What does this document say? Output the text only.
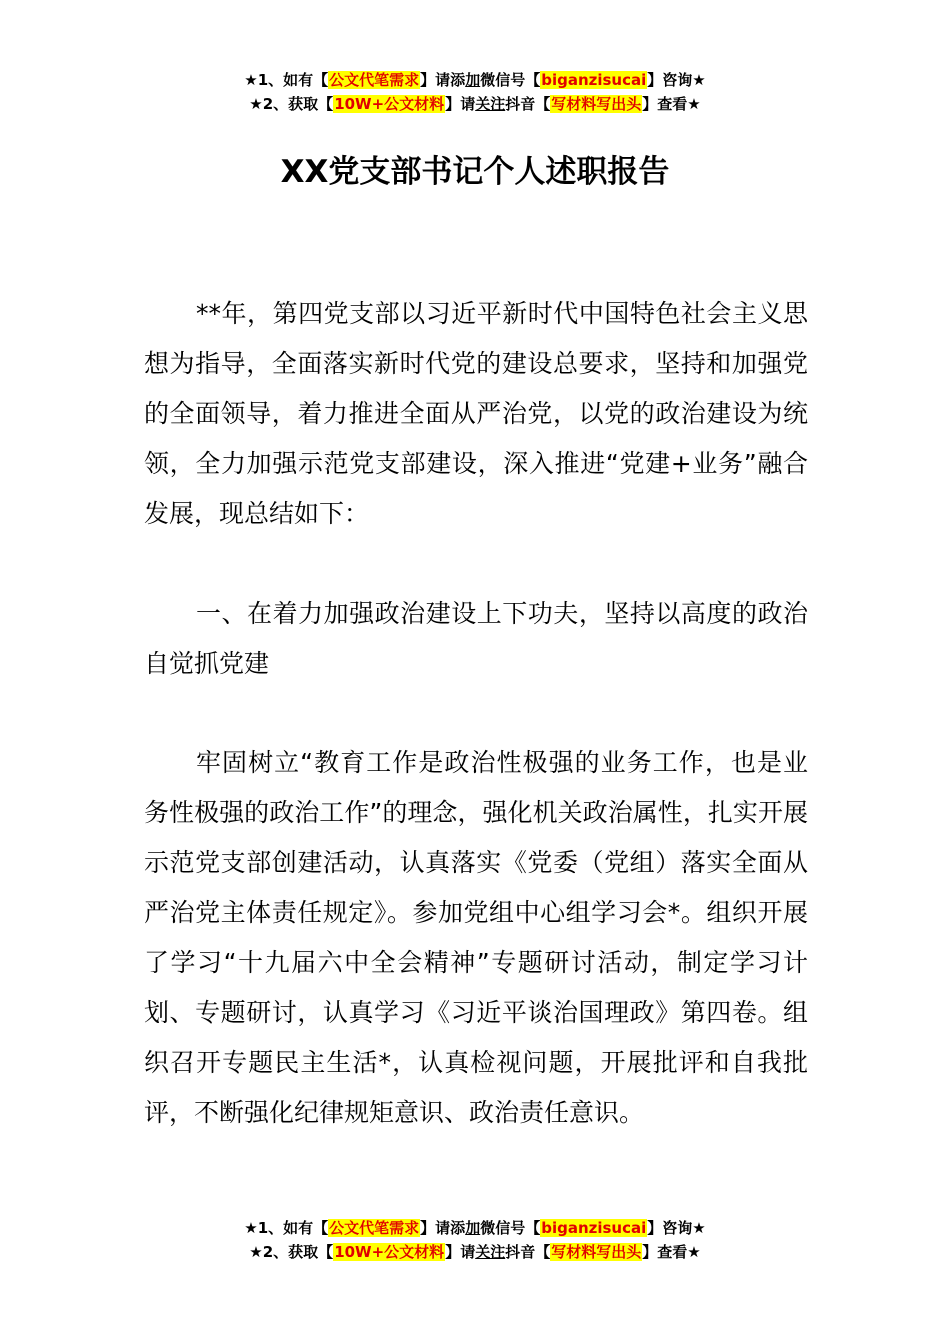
★1、如有【公文代笔需求】请添加微信号【biganzisucai】咨询★
★2、获取【10W+公文材料】请关注抖音【写材料写出头】查看★
XX党支部书记个人述职报告

**年，第四党支部以习近平新时代中国特色社会主义思想为指导，全面落实新时代党的建设总要求，坚持和加强党的全面领导，着力推进全面从严治党，以党的政治建设为统领，全力加强示范党支部建设，深入推进“党建+业务”融合发展，现总结如下：

一、在着力加强政治建设上下功夫，坚持以高度的政治自觉抓党建

牢固树立“教育工作是政治性极强的业务工作，也是业务性极强的政治工作”的理念，强化机关政治属性，扎实开展示范党支部创建活动，认真落实《党委（党组）落实全面从严治党主体责任规定》。参加党组中心组学习会*。组织开展了学习“十九届六中全会精神”专题研讨活动，制定学习计划、专题研讨，认真学习《习近平谈治国理政》第四卷。组织召开专题民主生活*，认真检视问题，开展批评和自我批评，不断强化纪律规矩意识、政治责任意识。

★1、如有【公文代笔需求】请添加微信号【biganzisucai】咨询★
★2、获取【10W+公文材料】请关注抖音【写材料写出头】查看★
